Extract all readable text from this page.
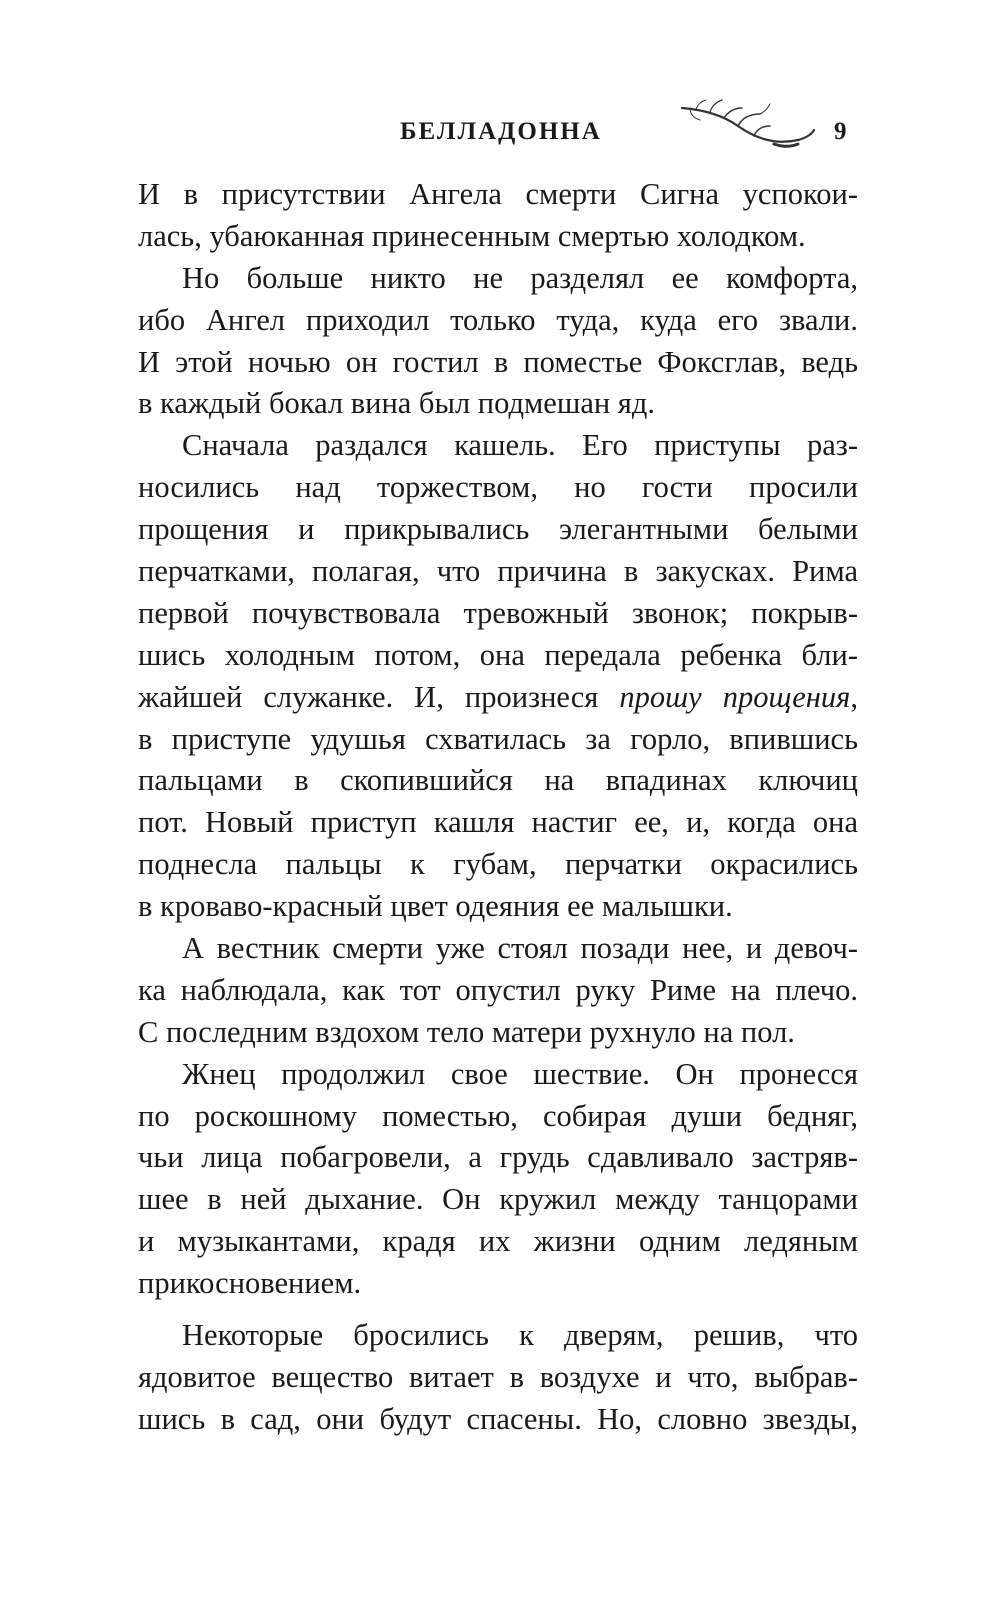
БЕЛЛАДОННА	9
И в присутствии Ангела смерти Сигна успокои-
лась, убаюканная принесенным смертью холодком.
Но больше никто не разделял ее комфорта,
ибо Ангел приходил только туда, куда его звали.
И этой ночью он гостил в поместье Фоксглав, ведь
в каждый бокал вина был подмешан яд.
Сначала раздался кашель. Его приступы раз-
носились над торжеством, но гости просили
прощения и прикрывались элегантными белыми
перчатками, полагая, что причина в закусках. Рима
первой почувствовала тревожный звонок; покрыв-
шись холодным потом, она передала ребенка бли-
жайшей служанке. И, произнеся прошу прощения,
в приступе удушья схватилась за горло, впившись
пальцами в скопившийся на впадинах ключиц
пот. Новый приступ кашля настиг ее, и, когда она
поднесла пальцы к губам, перчатки окрасились
в кроваво-красный цвет одеяния ее малышки.
А вестник смерти уже стоял позади нее, и девоч-
ка наблюдала, как тот опустил руку Риме на плечо.
С последним вздохом тело матери рухнуло на пол.
Жнец продолжил свое шествие. Он пронесся
по роскошному поместью, собирая души бедняг,
чьи лица побагровели, а грудь сдавливало застряв-
шее в ней дыхание. Он кружил между танцорами
и музыкантами, крадя их жизни одним ледяным
прикосновением.
Некоторые бросились к дверям, решив, что
ядовитое вещество витает в воздухе и что, выбрав-
шись в сад, они будут спасены. Но, словно звезды,
